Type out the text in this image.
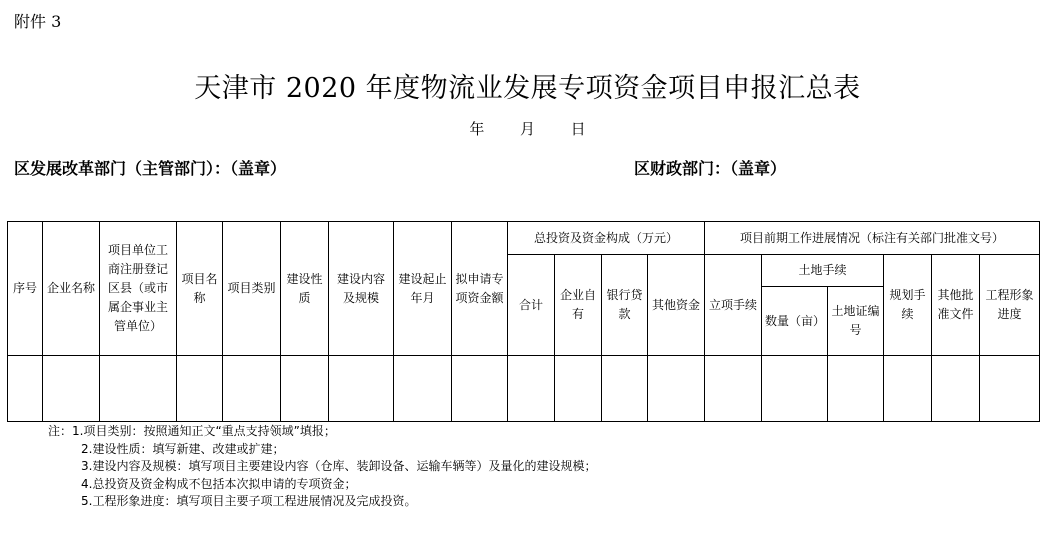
附件 3
天津市 2020 年度物流业发展专项资金项目申报汇总表
年 月 日
区发展改革部门（主管部门）：（盖章）	区财政部门：（盖章）
序号	企业名称	项目单位工商注册登记区县（或市属企事业主管单位）	项目名称	项目类别	建设性质	建设内容及规模	建设起止年月	拟申请专项资金额	总投资及资金构成（万元）				项目前期工作进展情况（标注有关部门批准文号）					
									合计	企业自有	银行贷款	其他资金	立项手续	土地手续		规划手续	其他批准文件	工程形象进度
														数量（亩）	土地证编号			

注：1.项目类别：按照通知正文“重点支持领域”填报；
2.建设性质：填写新建、改建或扩建；
3.建设内容及规模：填写项目主要建设内容（仓库、装卸设备、运输车辆等）及量化的建设规模；
4.总投资及资金构成不包括本次拟申请的专项资金；
5.工程形象进度：填写项目主要子项工程进展情况及完成投资。
